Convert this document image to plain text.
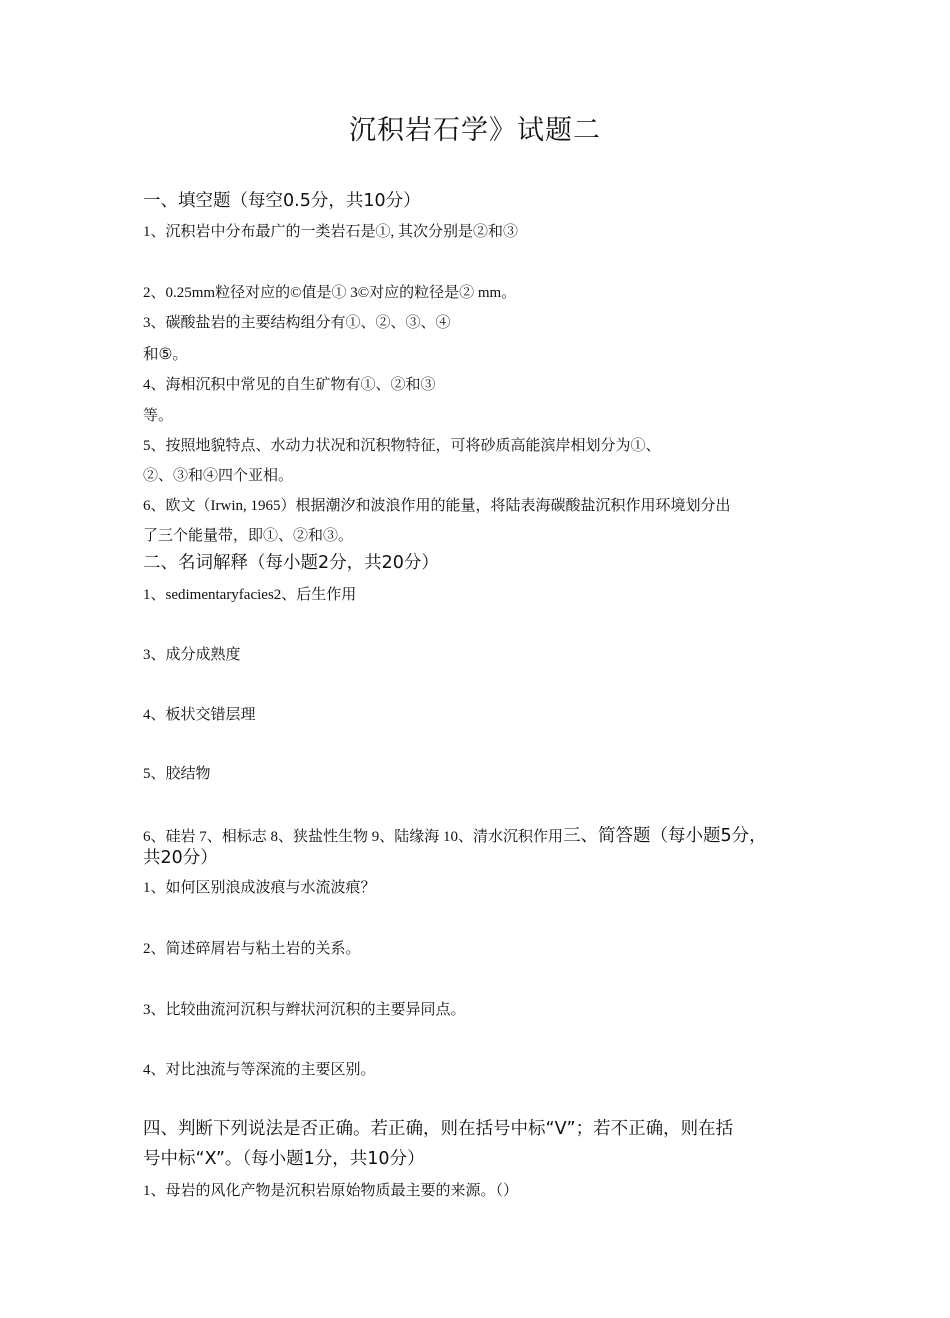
沉积岩石学》试题二
一、填空题（每空0.5分，共10分）

1、沉积岩中分布最广的一类岩石是①, 其次分别是②和③

2、0.25mm粒径对应的©值是① 3©对应的粒径是② mm。

3、碳酸盐岩的主要结构组分有①、②、③、④

和⑤。

4、海相沉积中常见的自生矿物有①、②和③

等。

5、按照地貌特点、水动力状况和沉积物特征，可将砂质高能滨岸相划分为①、

②、③和④四个亚相。

6、欧文（Irwin, 1965）根据潮汐和波浪作用的能量，将陆表海碳酸盐沉积作用环境划分出

了三个能量带，即①、②和③。

二、名词解释（每小题2分，共20分）

1、sedimentaryfacies2、后生作用

3、成分成熟度

4、板状交错层理

5、胶结物

6、硅岩 7、相标志 8、狭盐性生物 9、陆缘海 10、清水沉积作用三、简答题（每小题5分，

共20分）

1、如何区别浪成波痕与水流波痕？

2、简述碎屑岩与粘土岩的关系。

3、比较曲流河沉积与辫状河沉积的主要异同点。

4、对比浊流与等深流的主要区别。

四、判断下列说法是否正确。若正确，则在括号中标“V”；若不正确，则在括
号中标“X”。（每小题1分，共10分）

1、母岩的风化产物是沉积岩原始物质最主要的来源。（）
